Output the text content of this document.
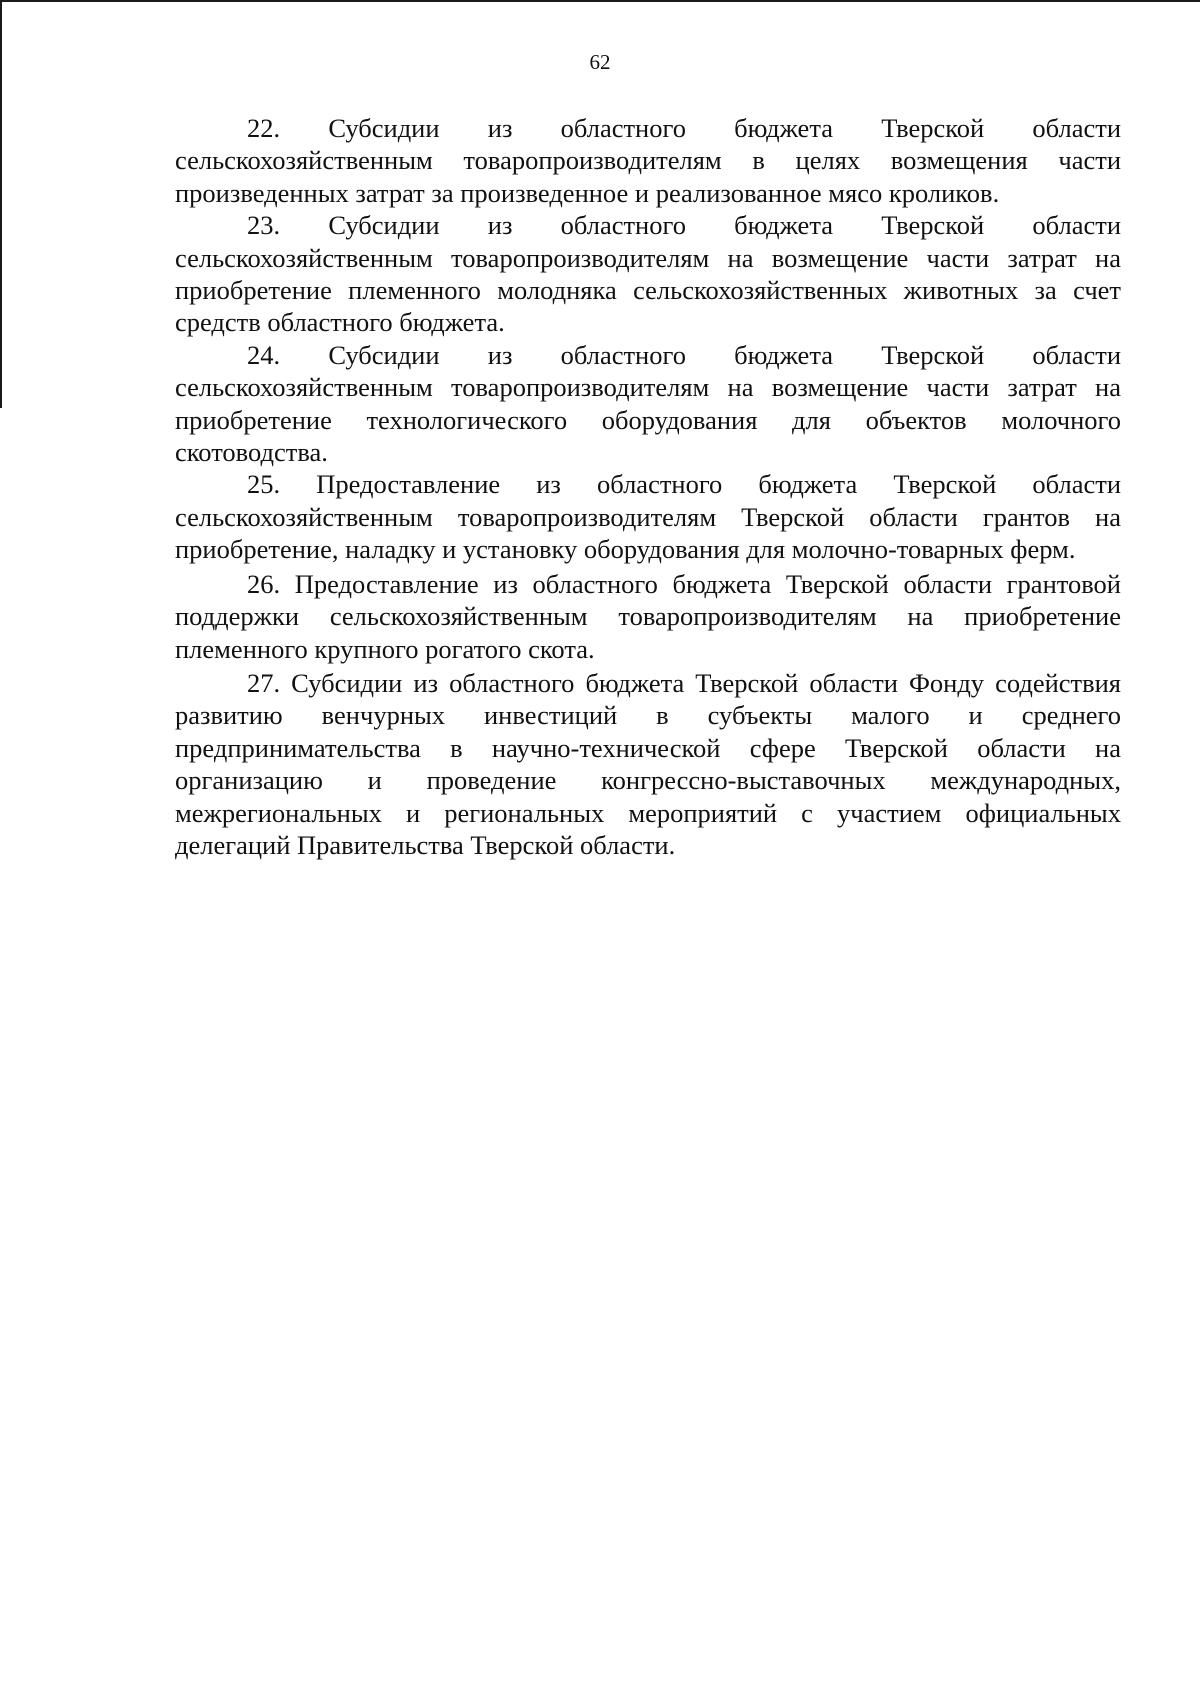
62

22. Субсидии из областного бюджета Тверской области сельскохозяйственным товаропроизводителям в целях возмещения части произведенных затрат за произведенное и реализованное мясо кроликов.

23. Субсидии из областного бюджета Тверской области сельскохозяйственным товаропроизводителям на возмещение части затрат на приобретение племенного молодняка сельскохозяйственных животных за счет средств областного бюджета.

24. Субсидии из областного бюджета Тверской области сельскохозяйственным товаропроизводителям на возмещение части затрат на приобретение технологического оборудования для объектов молочного скотоводства.

25. Предоставление из областного бюджета Тверской области сельскохозяйственным товаропроизводителям Тверской области грантов на приобретение, наладку и установку оборудования для молочно-товарных ферм.

26. Предоставление из областного бюджета Тверской области грантовой поддержки сельскохозяйственным товаропроизводителям на приобретение племенного крупного рогатого скота.

27. Субсидии из областного бюджета Тверской области Фонду содействия развитию венчурных инвестиций в субъекты малого и среднего предпринимательства в научно-технической сфере Тверской области на организацию и проведение конгрессно-выставочных международных, межрегиональных и региональных мероприятий с участием официальных делегаций Правительства Тверской области.
